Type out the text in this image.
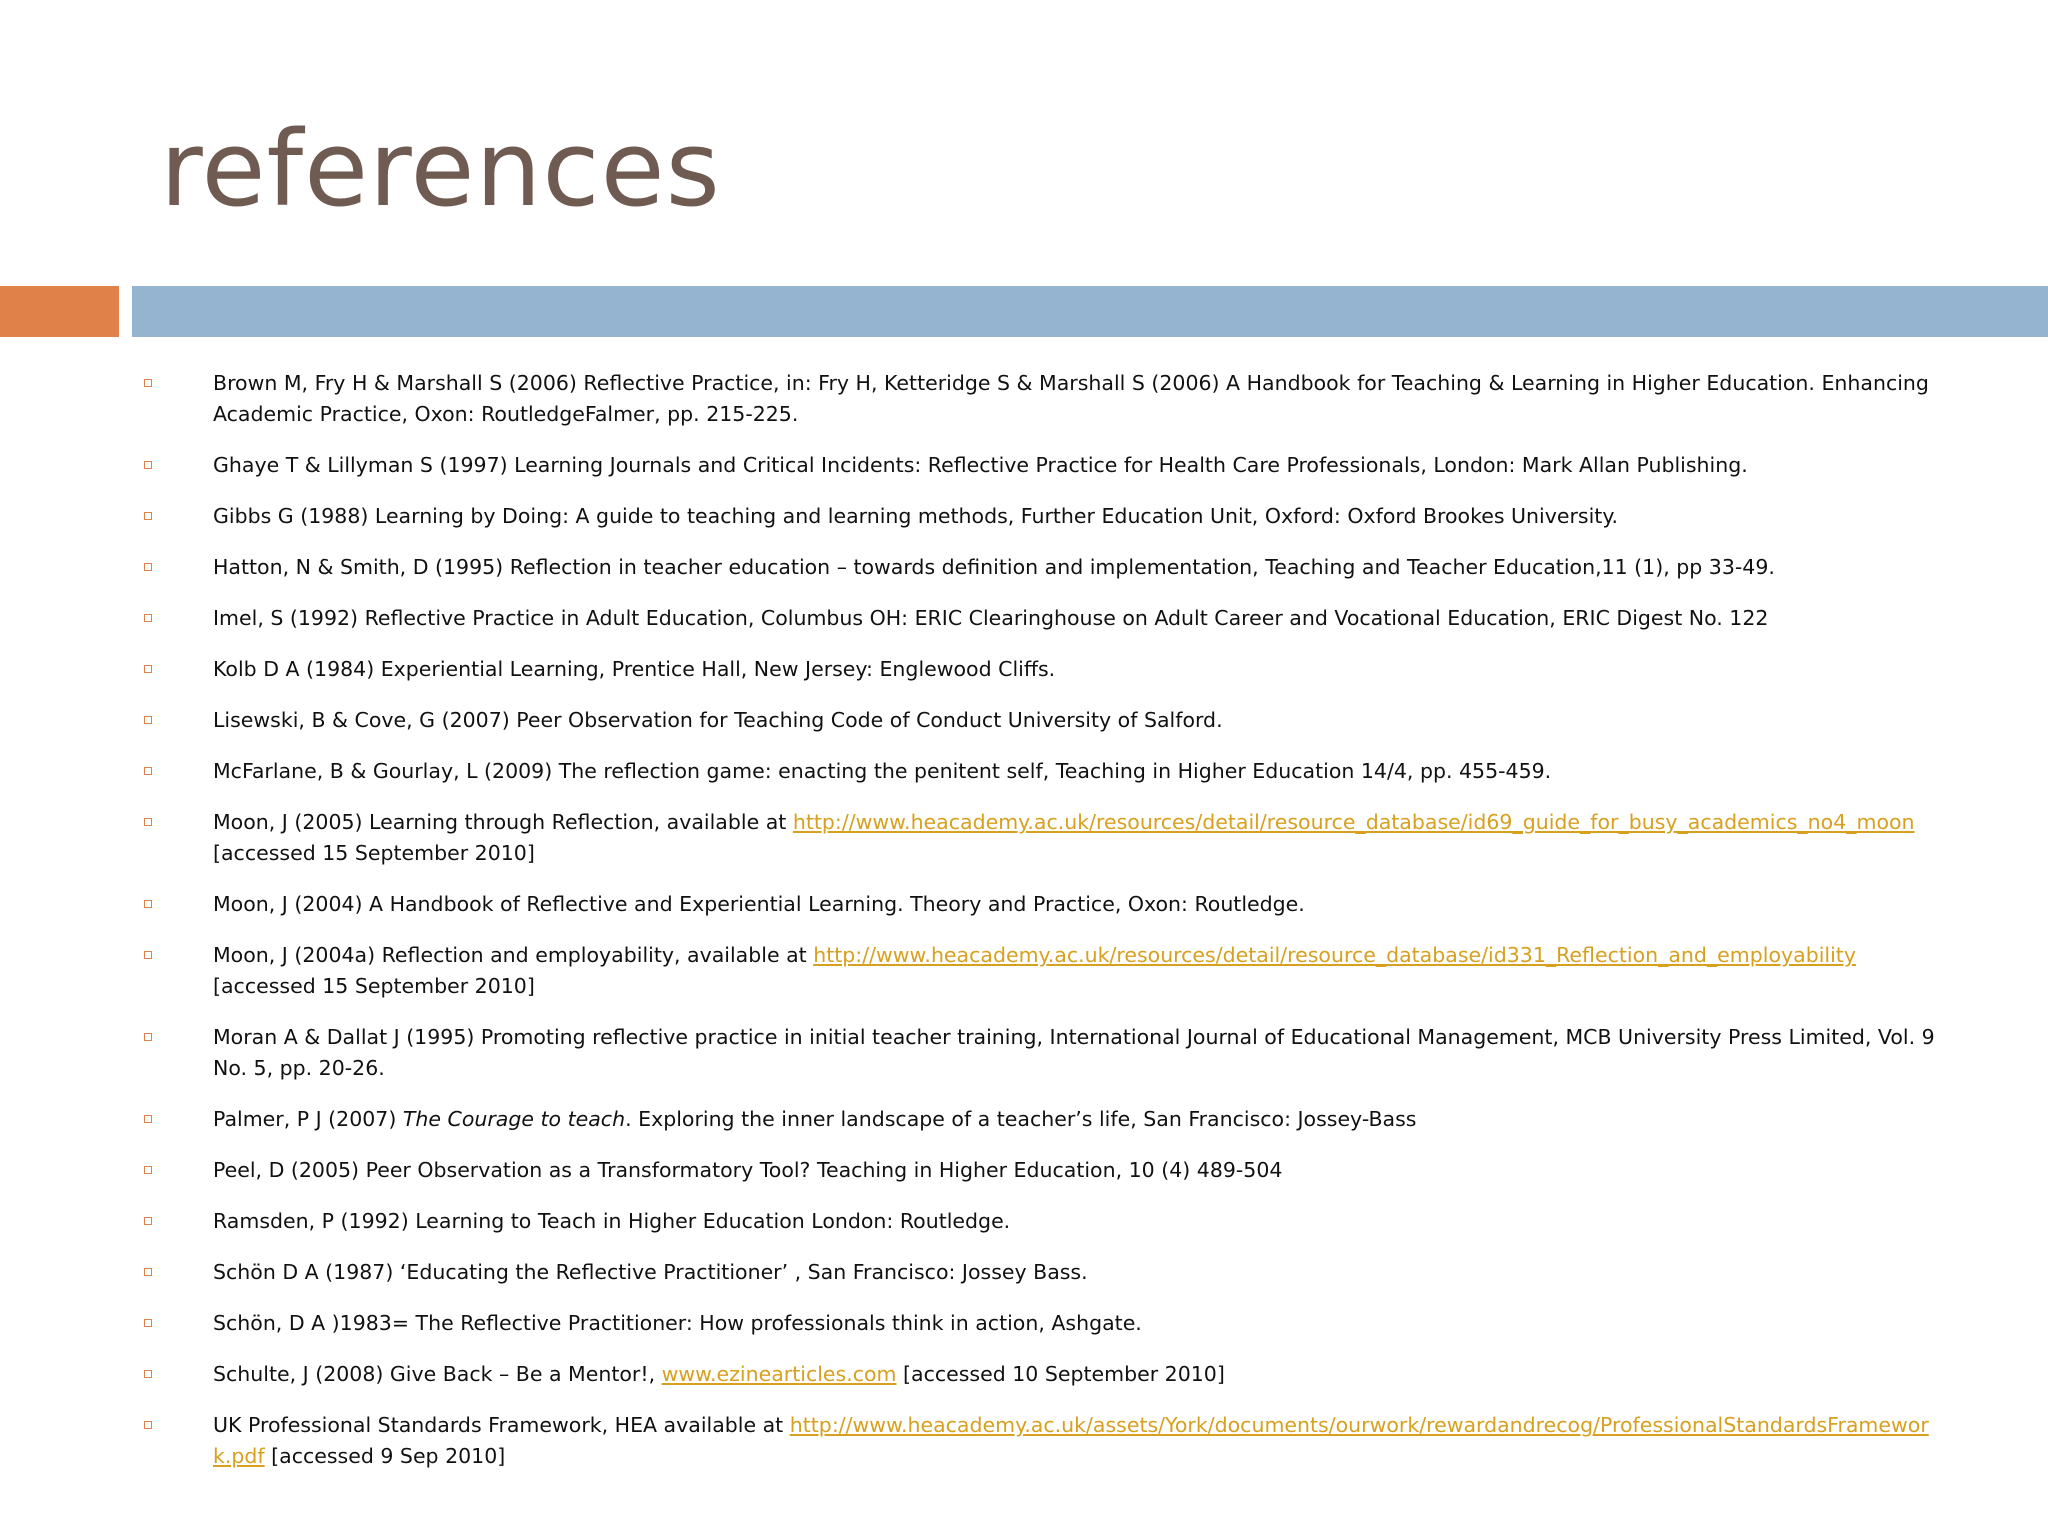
references
Brown M, Fry H & Marshall S (2006) Reflective Practice, in: Fry H, Ketteridge S & Marshall S (2006) A Handbook for Teaching & Learning in Higher Education. Enhancing Academic Practice, Oxon: RoutledgeFalmer, pp. 215-225.
Ghaye T & Lillyman S (1997) Learning Journals and Critical Incidents: Reflective Practice for Health Care Professionals, London: Mark Allan Publishing.
Gibbs G (1988) Learning by Doing: A guide to teaching and learning methods, Further Education Unit, Oxford: Oxford Brookes University.
Hatton, N & Smith, D (1995) Reflection in teacher education – towards definition and implementation, Teaching and Teacher Education,11 (1), pp 33-49.
Imel, S (1992) Reflective Practice in Adult Education, Columbus OH: ERIC Clearinghouse on Adult Career and Vocational Education, ERIC Digest No. 122
Kolb D A (1984) Experiential Learning, Prentice Hall, New Jersey: Englewood Cliffs.
Lisewski, B & Cove, G (2007) Peer Observation for Teaching Code of Conduct University of Salford.
McFarlane, B & Gourlay, L (2009) The reflection game: enacting the penitent self, Teaching in Higher Education 14/4, pp. 455-459.
Moon, J (2005) Learning through Reflection, available at http://www.heacademy.ac.uk/resources/detail/resource_database/id69_guide_for_busy_academics_no4_moon [accessed 15 September 2010]
Moon, J (2004) A Handbook of Reflective and Experiential Learning. Theory and Practice, Oxon: Routledge.
Moon, J (2004a) Reflection and employability, available at http://www.heacademy.ac.uk/resources/detail/resource_database/id331_Reflection_and_employability [accessed 15 September 2010]
Moran A & Dallat J (1995) Promoting reflective practice in initial teacher training, International Journal of Educational Management, MCB University Press Limited, Vol. 9 No. 5, pp. 20-26.
Palmer, P J (2007) The Courage to teach. Exploring the inner landscape of a teacher’s life, San Francisco: Jossey-Bass
Peel, D (2005) Peer Observation as a Transformatory Tool? Teaching in Higher Education, 10 (4) 489-504
Ramsden, P (1992) Learning to Teach in Higher Education London: Routledge.
Schön D A (1987) ‘Educating the Reflective Practitioner’ , San Francisco: Jossey Bass.
Schön, D A )1983= The Reflective Practitioner: How professionals think in action, Ashgate.
Schulte, J (2008) Give Back – Be a Mentor!, www.ezinearticles.com [accessed 10 September 2010]
UK Professional Standards Framework, HEA available at http://www.heacademy.ac.uk/assets/York/documents/ourwork/rewardandrecog/ProfessionalStandardsFramework.pdf [accessed 9 Sep 2010]
